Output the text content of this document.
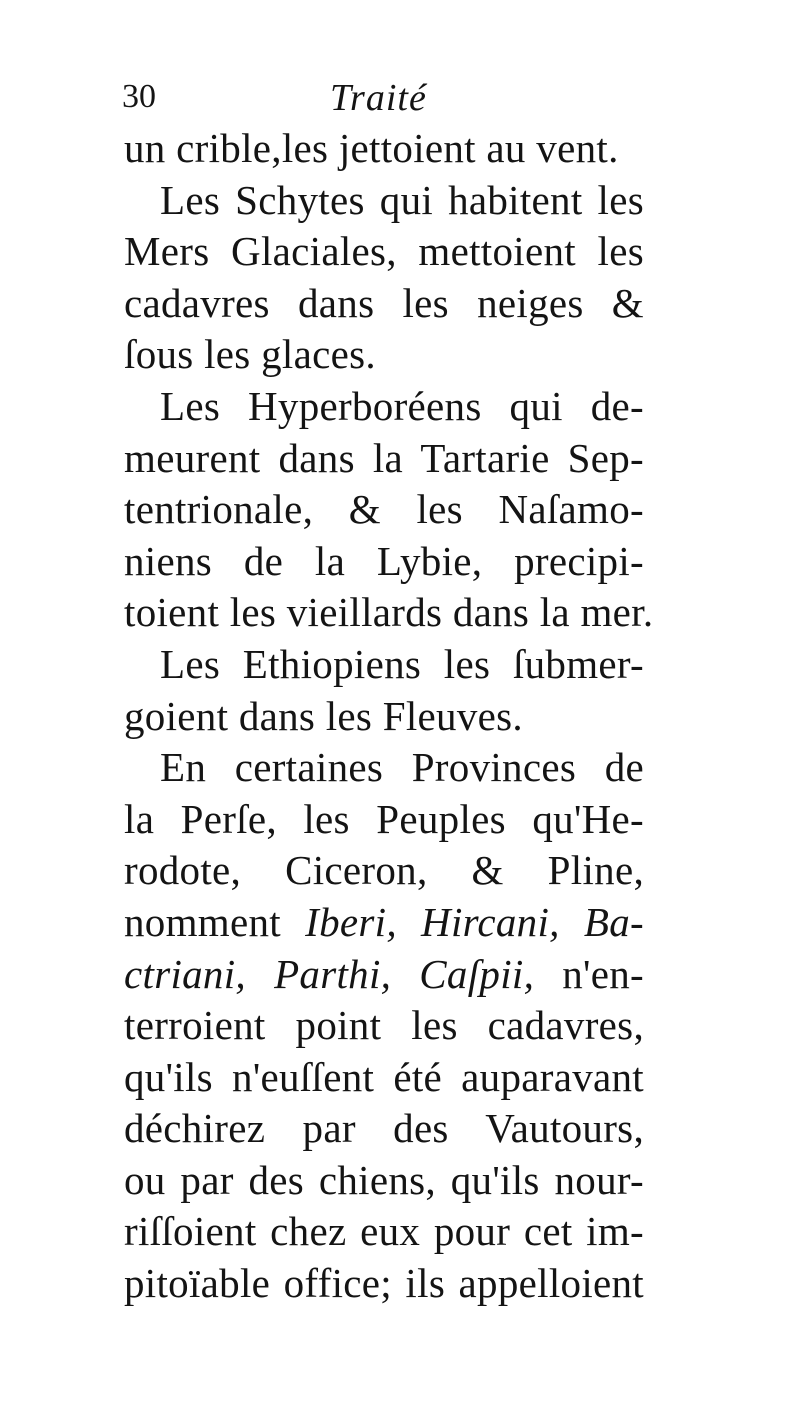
30	Traité
un crible,les jettoient au vent.
Les Schytes qui habitent les
Mers Glaciales, mettoient les
cadavres dans les neiges &
ſous les glaces.
Les Hyperboréens qui de-
meurent dans la Tartarie Sep-
tentrionale, & les Naſamo-
niens de la Lybie, precipi-
toient les vieillards dans la mer.
Les Ethiopiens les ſubmer-
goient dans les Fleuves.
En certaines Provinces de
la Perſe, les Peuples qu'He-
rodote, Ciceron, & Pline,
nomment Iberi, Hircani, Ba-
ctriani, Parthi, Caſpii, n'en-
terroient point les cadavres,
qu'ils n'euſſent été auparavant
déchirez par des Vautours,
ou par des chiens, qu'ils nour-
riſſoient chez eux pour cet im-
pitoïable office; ils appelloient
